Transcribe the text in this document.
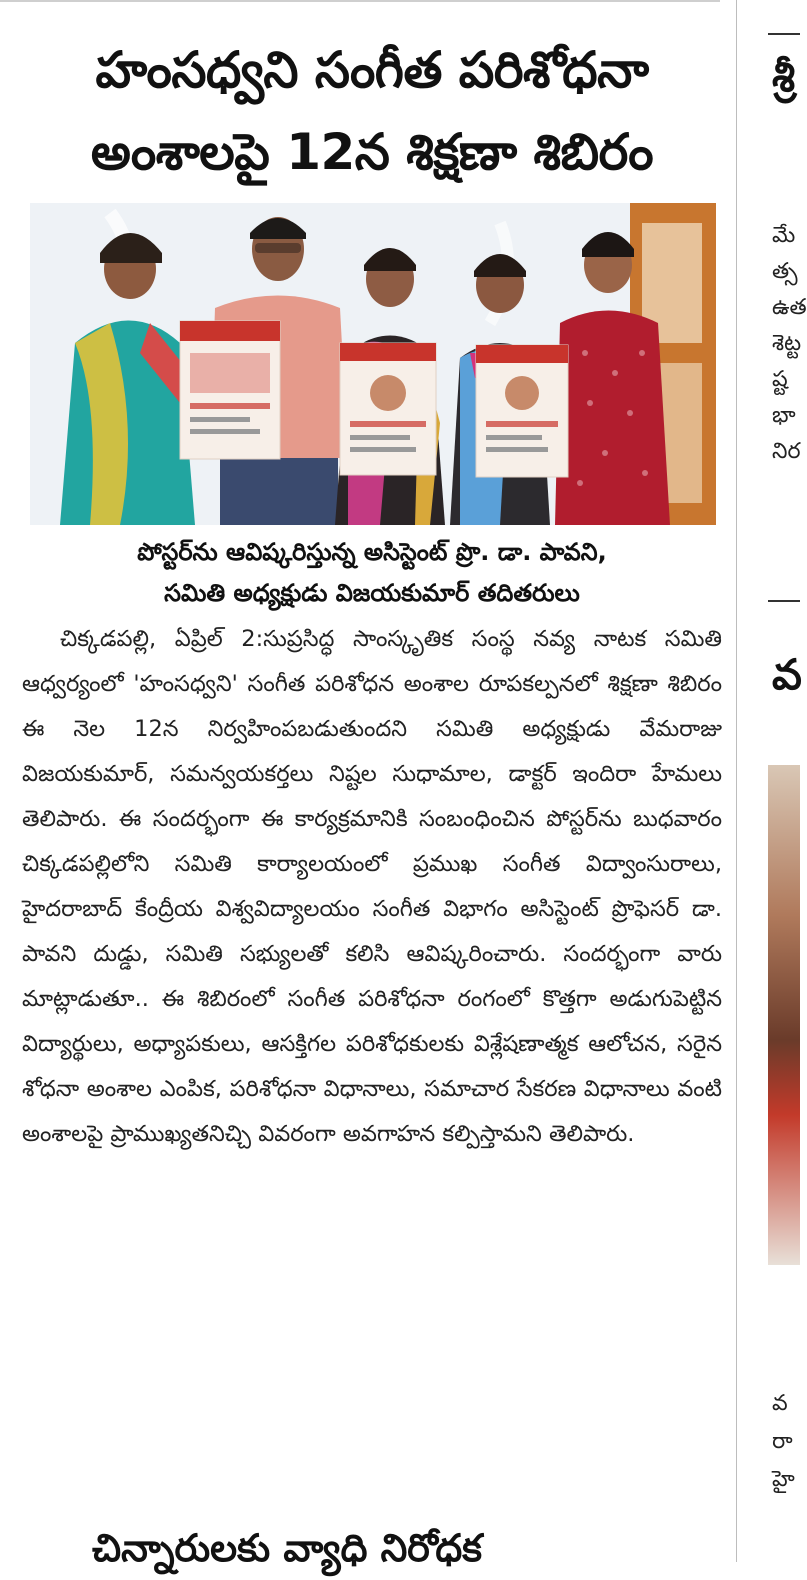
హంసధ్వని సంగీత పరిశోధనా
అంశాలపై 12న శిక్షణా శిబిరం
పోస్టర్‌ను ఆవిష్కరిస్తున్న అసిస్టెంట్ ప్రొ. డా. పావని,
సమితి అధ్యక్షుడు విజయకుమార్ తదితరులు

చిక్కడపల్లి, ఏప్రిల్ 2:సుప్రసిద్ధ సాంస్కృతిక సంస్థ నవ్య నాటక సమితి ఆధ్వర్యంలో 'హంసధ్వని' సంగీత పరిశోధన అంశాల రూపకల్పనలో శిక్షణా శిబిరం ఈ నెల 12న నిర్వహింపబడుతుందని సమితి అధ్యక్షుడు వేమరాజు విజయకుమార్, సమన్వయకర్తలు నిష్టల సుధామాల, డాక్టర్ ఇందిరా హేమలు తెలిపారు. ఈ సందర్భంగా ఈ కార్యక్రమానికి సంబంధించిన పోస్టర్‌ను బుధవారం చిక్కడపల్లిలోని సమితి కార్యాలయంలో ప్రముఖ సంగీత విద్వాంసురాలు, హైదరాబాద్ కేంద్రీయ విశ్వవిద్యాలయం సంగీత విభాగం అసిస్టెంట్ ప్రొఫెసర్ డా. పావని దుడ్డు, సమితి సభ్యులతో కలిసి ఆవిష్కరించారు. సందర్భంగా వారు మాట్లాడుతూ.. ఈ శిబిరంలో సంగీత పరిశోధనా రంగంలో కొత్తగా అడుగుపెట్టిన విద్యార్థులు, అధ్యాపకులు, ఆసక్తిగల పరిశోధకులకు విశ్లేషణాత్మక ఆలోచన, సరైన శోధనా అంశాల ఎంపిక, పరిశోధనా విధానాలు, సమాచార సేకరణ విధానాలు వంటి అంశాలపై ప్రాముఖ్యతనిచ్చి వివరంగా అవగాహన కల్పిస్తామని తెలిపారు.

చిన్నారులకు వ్యాధి నిరోధక
శ్రీ
మే
త్స
ఉత
శెట్ట
ష్ట
భా
నిర
వ
వ
రా
హై
